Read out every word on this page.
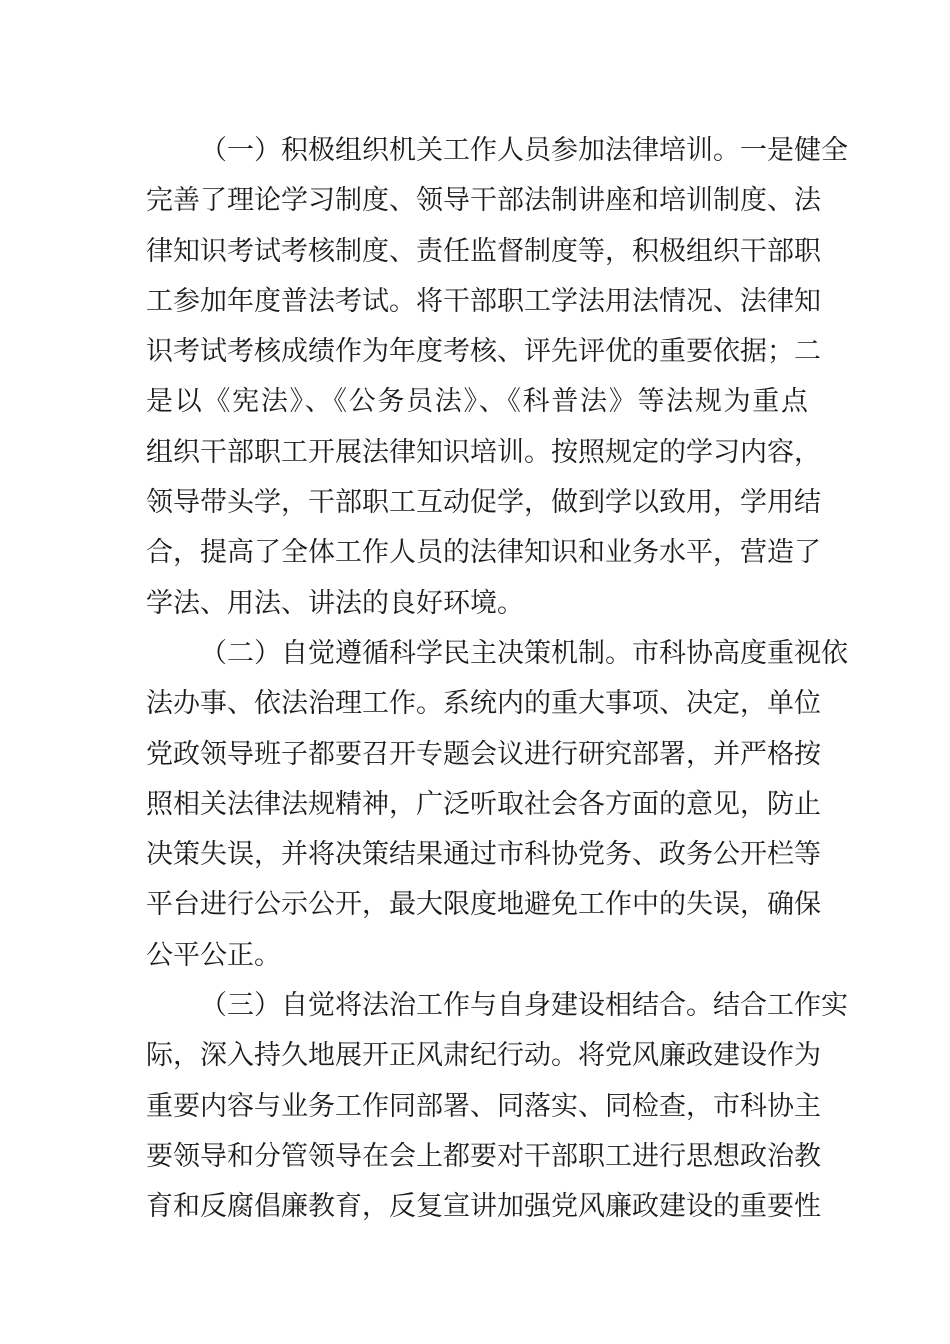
（一）积极组织机关工作人员参加法律培训。一是健全
完善了理论学习制度、领导干部法制讲座和培训制度、法
律知识考试考核制度、责任监督制度等，积极组织干部职
工参加年度普法考试。将干部职工学法用法情况、法律知
识考试考核成绩作为年度考核、评先评优的重要依据；二
是以《宪法》、《公务员法》、《科普法》等法规为重点
组织干部职工开展法律知识培训。按照规定的学习内容，
领导带头学，干部职工互动促学，做到学以致用，学用结
合，提高了全体工作人员的法律知识和业务水平，营造了
学法、用法、讲法的良好环境。
（二）自觉遵循科学民主决策机制。市科协高度重视依
法办事、依法治理工作。系统内的重大事项、决定，单位
党政领导班子都要召开专题会议进行研究部署，并严格按
照相关法律法规精神，广泛听取社会各方面的意见，防止
决策失误，并将决策结果通过市科协党务、政务公开栏等
平台进行公示公开，最大限度地避免工作中的失误，确保
公平公正。
（三）自觉将法治工作与自身建设相结合。结合工作实
际，深入持久地展开正风肃纪行动。将党风廉政建设作为
重要内容与业务工作同部署、同落实、同检查，市科协主
要领导和分管领导在会上都要对干部职工进行思想政治教
育和反腐倡廉教育，反复宣讲加强党风廉政建设的重要性
